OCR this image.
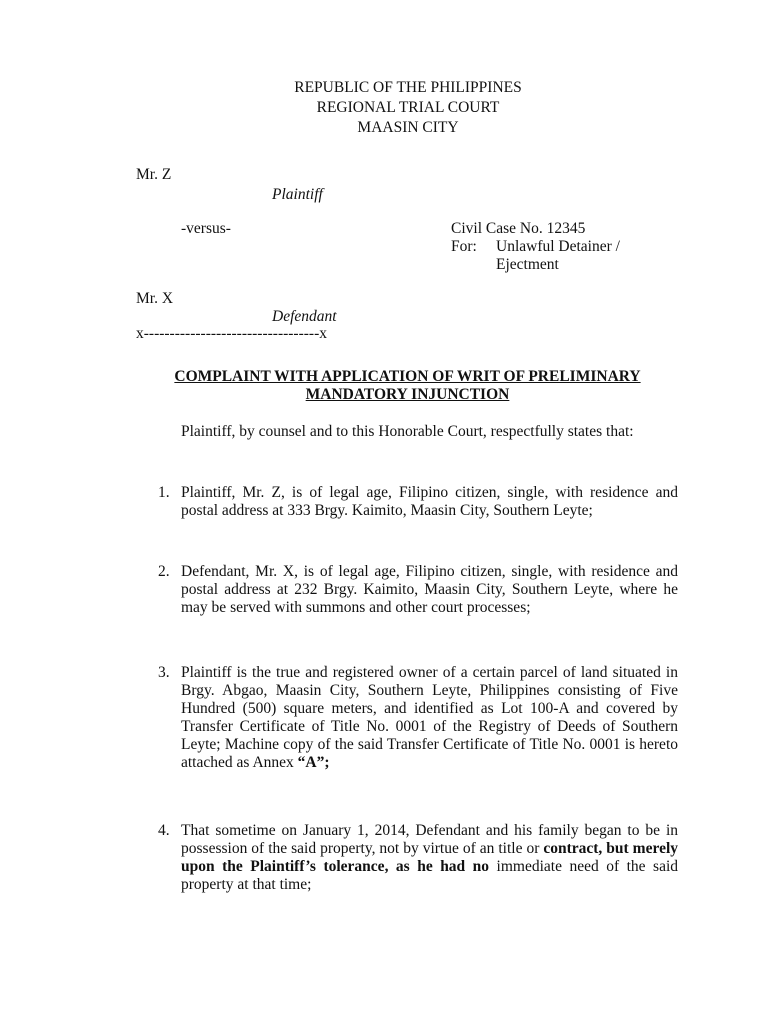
REPUBLIC OF THE PHILIPPINES
REGIONAL TRIAL COURT
MAASIN CITY
Mr. Z
Plaintiff
-versus-	Civil Case No. 12345
For: Unlawful Detainer /
Ejectment
Mr. X
Defendant
x----------------------------------x
COMPLAINT WITH APPLICATION OF WRIT OF PRELIMINARY
MANDATORY INJUNCTION
Plaintiff, by counsel and to this Honorable Court, respectfully states that:
1. Plaintiff, Mr. Z, is of legal age, Filipino citizen, single, with residence and postal address at 333 Brgy. Kaimito, Maasin City, Southern Leyte;
2. Defendant, Mr. X, is of legal age, Filipino citizen, single, with residence and postal address at 232 Brgy. Kaimito, Maasin City, Southern Leyte, where he may be served with summons and other court processes;
3. Plaintiff is the true and registered owner of a certain parcel of land situated in Brgy. Abgao, Maasin City, Southern Leyte, Philippines consisting of Five Hundred (500) square meters, and identified as Lot 100-A and covered by Transfer Certificate of Title No. 0001 of the Registry of Deeds of Southern Leyte; Machine copy of the said Transfer Certificate of Title No. 0001 is hereto attached as Annex “A”;
4. That sometime on January 1, 2014, Defendant and his family began to be in possession of the said property, not by virtue of an title or contract, but merely upon the Plaintiff’s tolerance, as he had no immediate need of the said property at that time;
